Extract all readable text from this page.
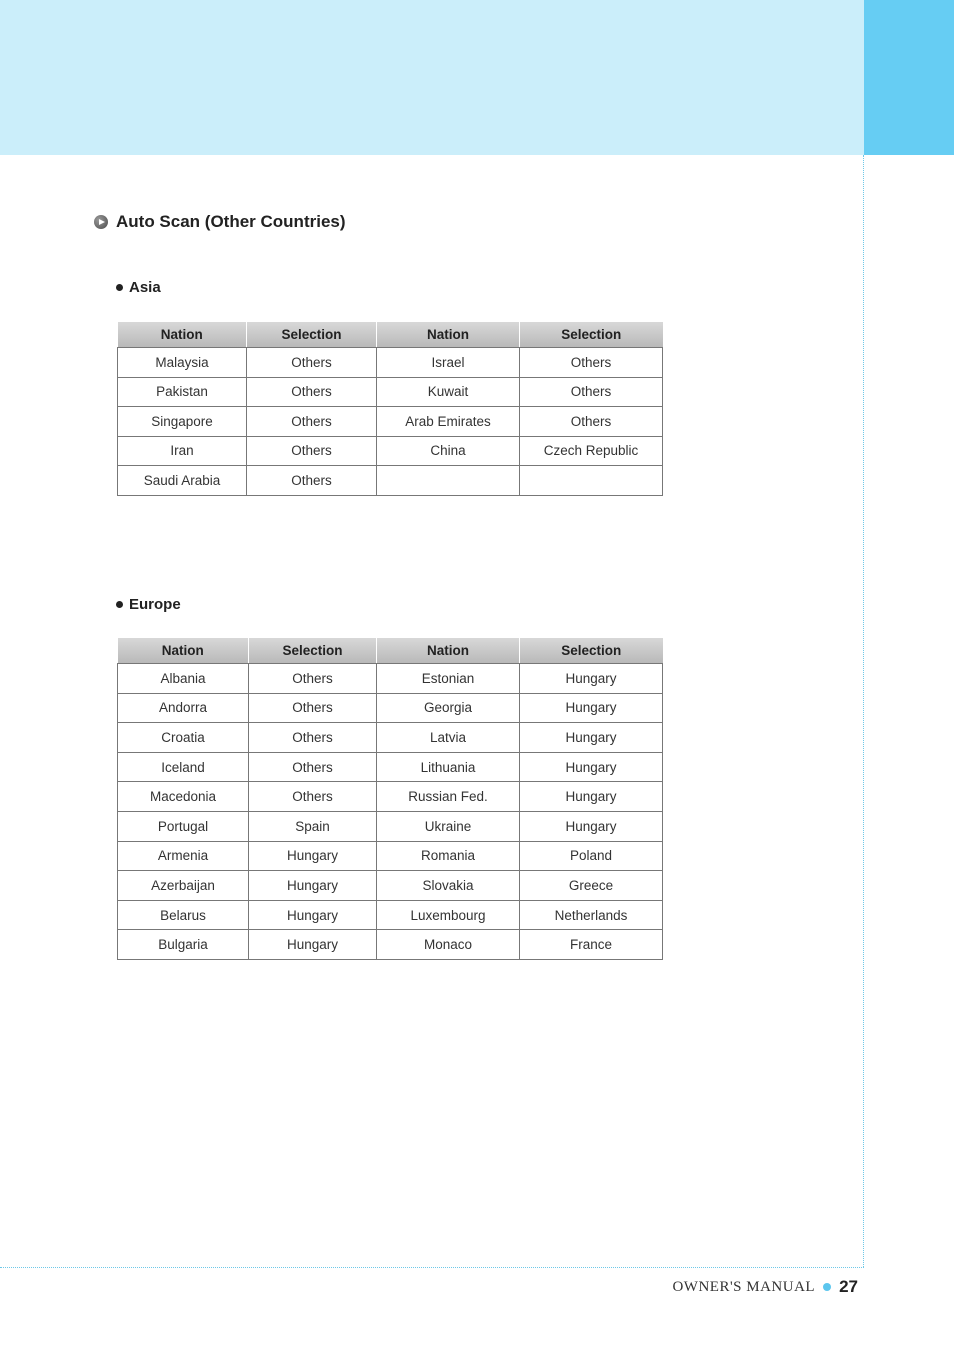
Auto Scan (Other Countries)
Asia
Nation	Selection	Nation	Selection
Malaysia	Others	Israel	Others
Pakistan	Others	Kuwait	Others
Singapore	Others	Arab Emirates	Others
Iran	Others	China	Czech Republic
Saudi Arabia	Others		
Europe
Nation	Selection	Nation	Selection
Albania	Others	Estonian	Hungary
Andorra	Others	Georgia	Hungary
Croatia	Others	Latvia	Hungary
Iceland	Others	Lithuania	Hungary
Macedonia	Others	Russian Fed.	Hungary
Portugal	Spain	Ukraine	Hungary
Armenia	Hungary	Romania	Poland
Azerbaijan	Hungary	Slovakia	Greece
Belarus	Hungary	Luxembourg	Netherlands
Bulgaria	Hungary	Monaco	France
OWNER'S MANUAL 27
